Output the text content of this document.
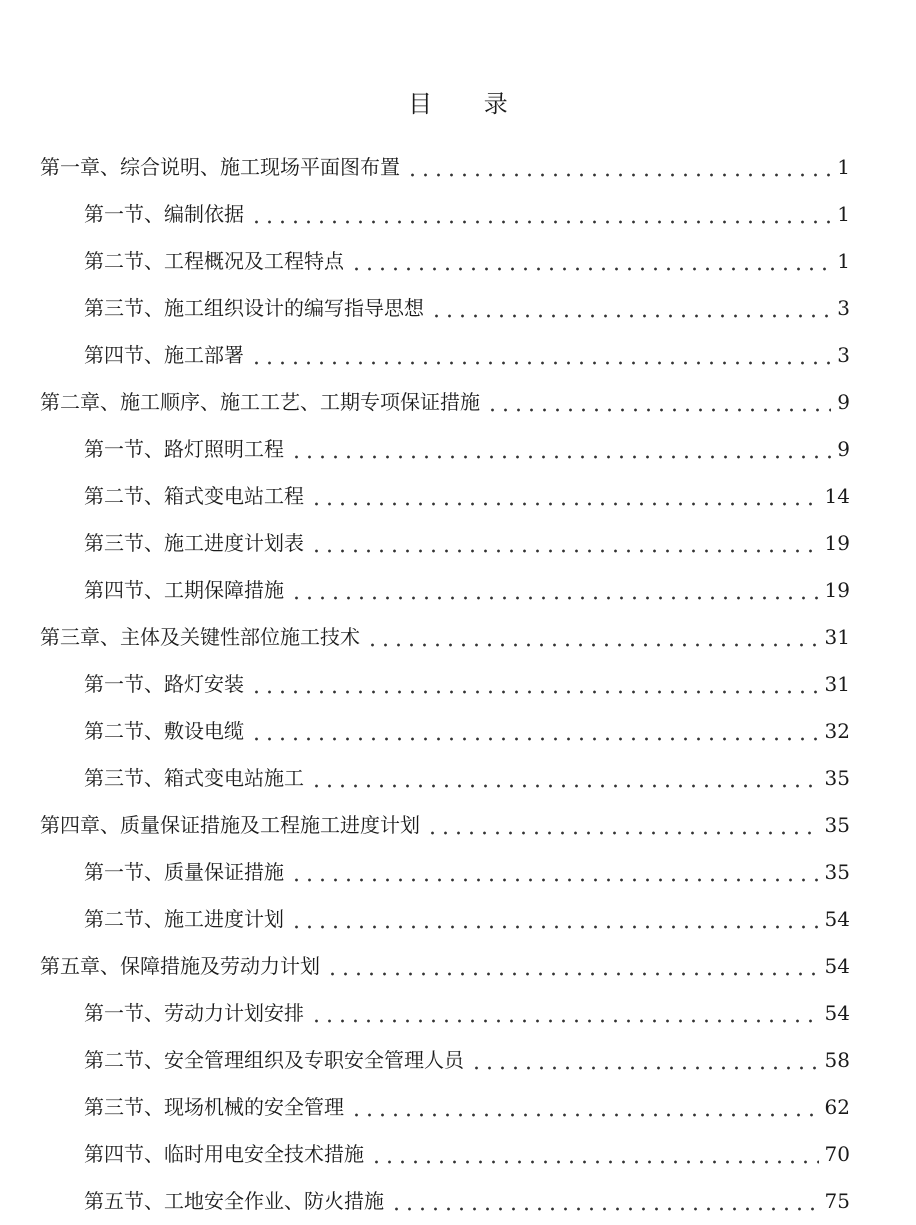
目 录
第一章、综合说明、施工现场平面图布置	1
第一节、编制依据	1
第二节、工程概况及工程特点	1
第三节、施工组织设计的编写指导思想	3
第四节、施工部署	3
第二章、施工顺序、施工工艺、工期专项保证措施	9
第一节、路灯照明工程	9
第二节、箱式变电站工程	14
第三节、施工进度计划表	19
第四节、工期保障措施	19
第三章、主体及关键性部位施工技术	31
第一节、路灯安装	31
第二节、敷设电缆	32
第三节、箱式变电站施工	35
第四章、质量保证措施及工程施工进度计划	35
第一节、质量保证措施	35
第二节、施工进度计划	54
第五章、保障措施及劳动力计划	54
第一节、劳动力计划安排	54
第二节、安全管理组织及专职安全管理人员	58
第三节、现场机械的安全管理	62
第四节、临时用电安全技术措施	70
第五节、工地安全作业、防火措施	75
